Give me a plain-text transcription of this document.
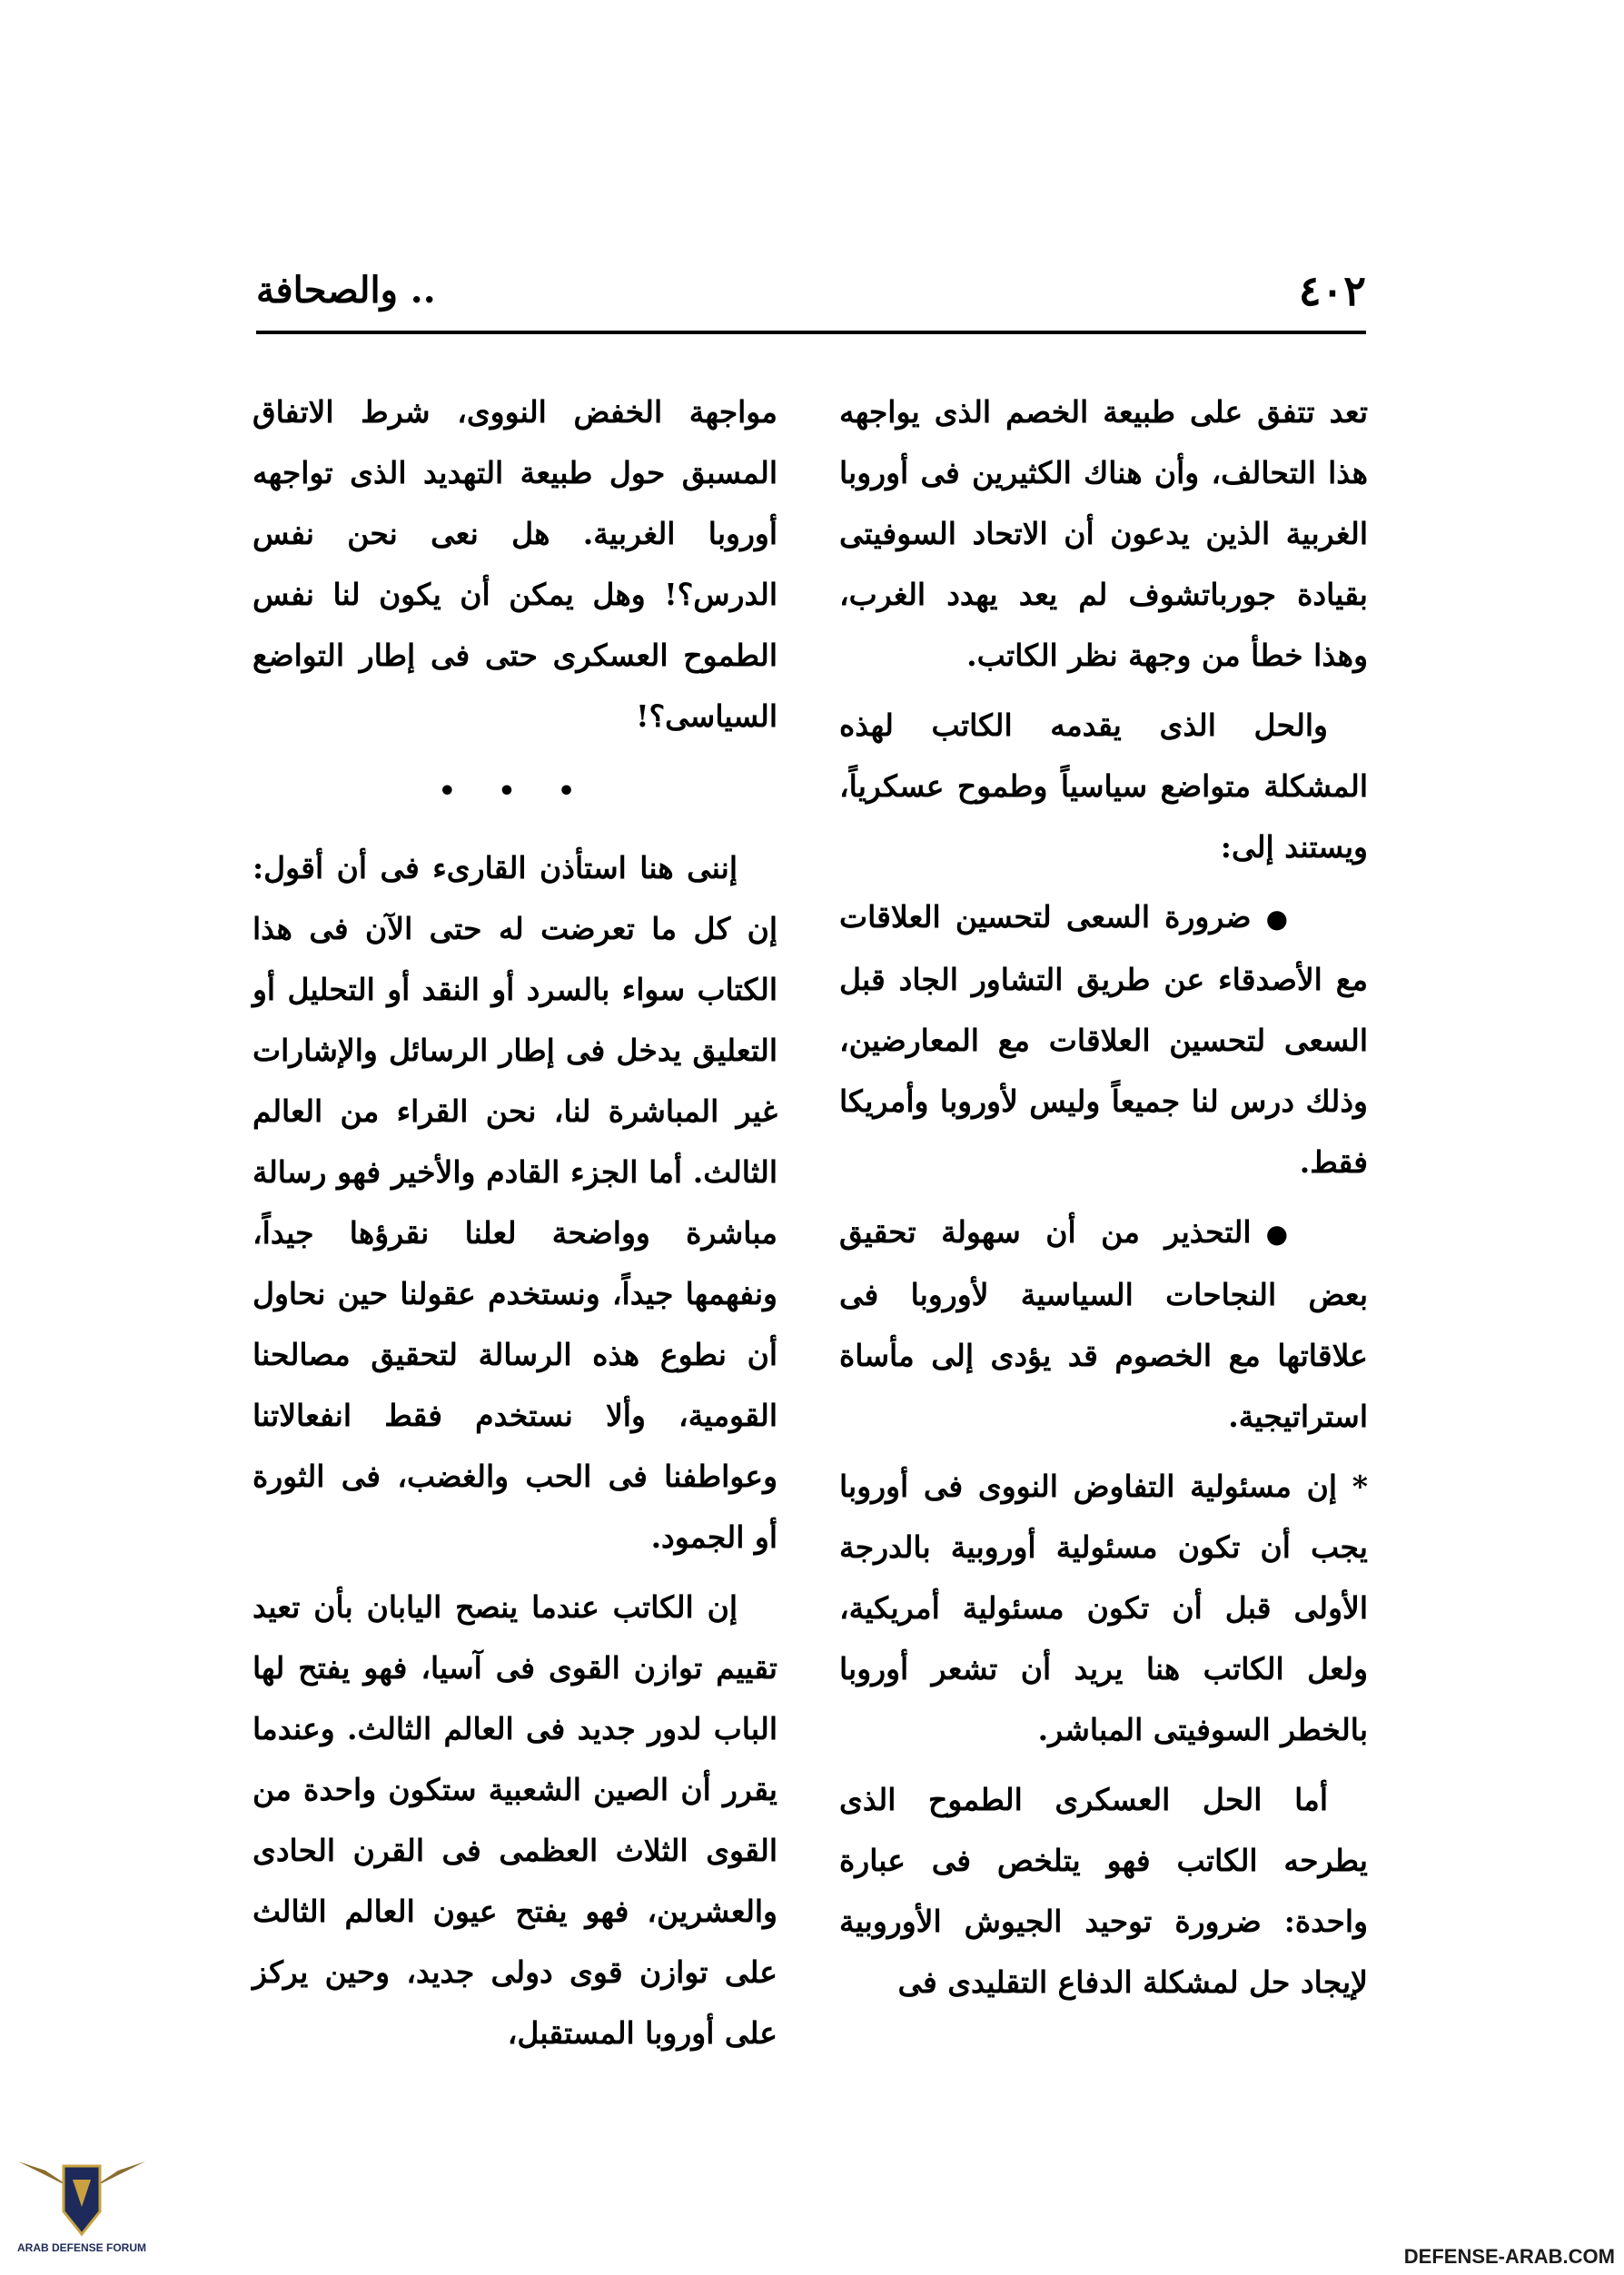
٤٠٢
.. والصحافة

تعد تتفق على طبيعة الخصم الذى يواجهه هذا التحالف، وأن هناك الكثيرين فى أوروبا الغربية الذين يدعون أن الاتحاد السوفيتى بقيادة جورباتشوف لم يعد يهدد الغرب، وهذا خطأ من وجهة نظر الكاتب.

والحل الذى يقدمه الكاتب لهذه المشكلة متواضع سياسياً وطموح عسكرياً، ويستند إلى:

●ضرورة السعى لتحسين العلاقات مع الأصدقاء عن طريق التشاور الجاد قبل السعى لتحسين العلاقات مع المعارضين، وذلك درس لنا جميعاً وليس لأوروبا وأمريكا فقط.

●التحذير من أن سهولة تحقيق بعض النجاحات السياسية لأوروبا فى علاقاتها مع الخصوم قد يؤدى إلى مأساة استراتيجية.

* إن مسئولية التفاوض النووى فى أوروبا يجب أن تكون مسئولية أوروبية بالدرجة الأولى قبل أن تكون مسئولية أمريكية، ولعل الكاتب هنا يريد أن تشعر أوروبا بالخطر السوفيتى المباشر.

أما الحل العسكرى الطموح الذى يطرحه الكاتب فهو يتلخص فى عبارة واحدة: ضرورة توحيد الجيوش الأوروبية لإيجاد حل لمشكلة الدفاع التقليدى فى

مواجهة الخفض النووى، شرط الاتفاق المسبق حول طبيعة التهديد الذى تواجهه أوروبا الغربية. هل نعى نحن نفس الدرس؟! وهل يمكن أن يكون لنا نفس الطموح العسكرى حتى فى إطار التواضع السياسى؟!

• • •

إننى هنا استأذن القارىء فى أن أقول: إن كل ما تعرضت له حتى الآن فى هذا الكتاب سواء بالسرد أو النقد أو التحليل أو التعليق يدخل فى إطار الرسائل والإشارات غير المباشرة لنا، نحن القراء من العالم الثالث. أما الجزء القادم والأخير فهو رسالة مباشرة وواضحة لعلنا نقرؤها جيداً، ونفهمها جيداً، ونستخدم عقولنا حين نحاول أن نطوع هذه الرسالة لتحقيق مصالحنا القومية، وألا نستخدم فقط انفعالاتنا وعواطفنا فى الحب والغضب، فى الثورة أو الجمود.

إن الكاتب عندما ينصح اليابان بأن تعيد تقييم توازن القوى فى آسيا، فهو يفتح لها الباب لدور جديد فى العالم الثالث. وعندما يقرر أن الصين الشعبية ستكون واحدة من القوى الثلاث العظمى فى القرن الحادى والعشرين، فهو يفتح عيون العالم الثالث على توازن قوى دولى جديد، وحين يركز على أوروبا المستقبل،

ARAB DEFENSE FORUM	DEFENSE-ARAB.COM
